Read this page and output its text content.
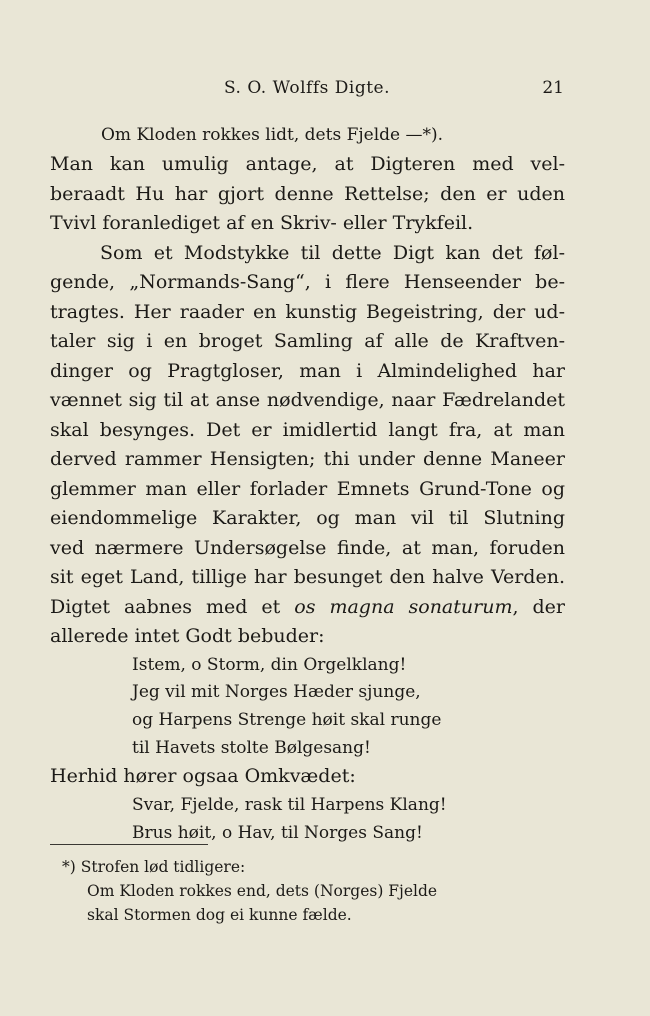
S. O. Wolffs Digte.	21
Om Kloden rokkes lidt, dets Fjelde —*).
Man kan umulig antage, at Digteren med vel-
beraadt Hu har gjort denne Rettelse; den er uden
Tvivl foranlediget af en Skriv- eller Trykfeil.
Som et Modstykke til dette Digt kan det føl-
gende, „Normands-Sang“, i flere Henseender be-
tragtes. Her raader en kunstig Begeistring, der ud-
taler sig i en broget Samling af alle de Kraftven-
dinger og Pragtgloser, man i Almindelighed har
vænnet sig til at anse nødvendige, naar Fædrelandet
skal besynges. Det er imidlertid langt fra, at man
derved rammer Hensigten; thi under denne Maneer
glemmer man eller forlader Emnets Grund-Tone og
eiendommelige Karakter, og man vil til Slutning
ved nærmere Undersøgelse finde, at man, foruden
sit eget Land, tillige har besunget den halve Verden.
Digtet aabnes med et os magna sonaturum, der
allerede intet Godt bebuder:
Istem, o Storm, din Orgelklang!
Jeg vil mit Norges Hæder sjunge,
og Harpens Strenge høit skal runge
til Havets stolte Bølgesang!
Herhid hører ogsaa Omkvædet:
Svar, Fjelde, rask til Harpens Klang!
Brus høit, o Hav, til Norges Sang!
*) Strofen lød tidligere:
Om Kloden rokkes end, dets (Norges) Fjelde
skal Stormen dog ei kunne fælde.
